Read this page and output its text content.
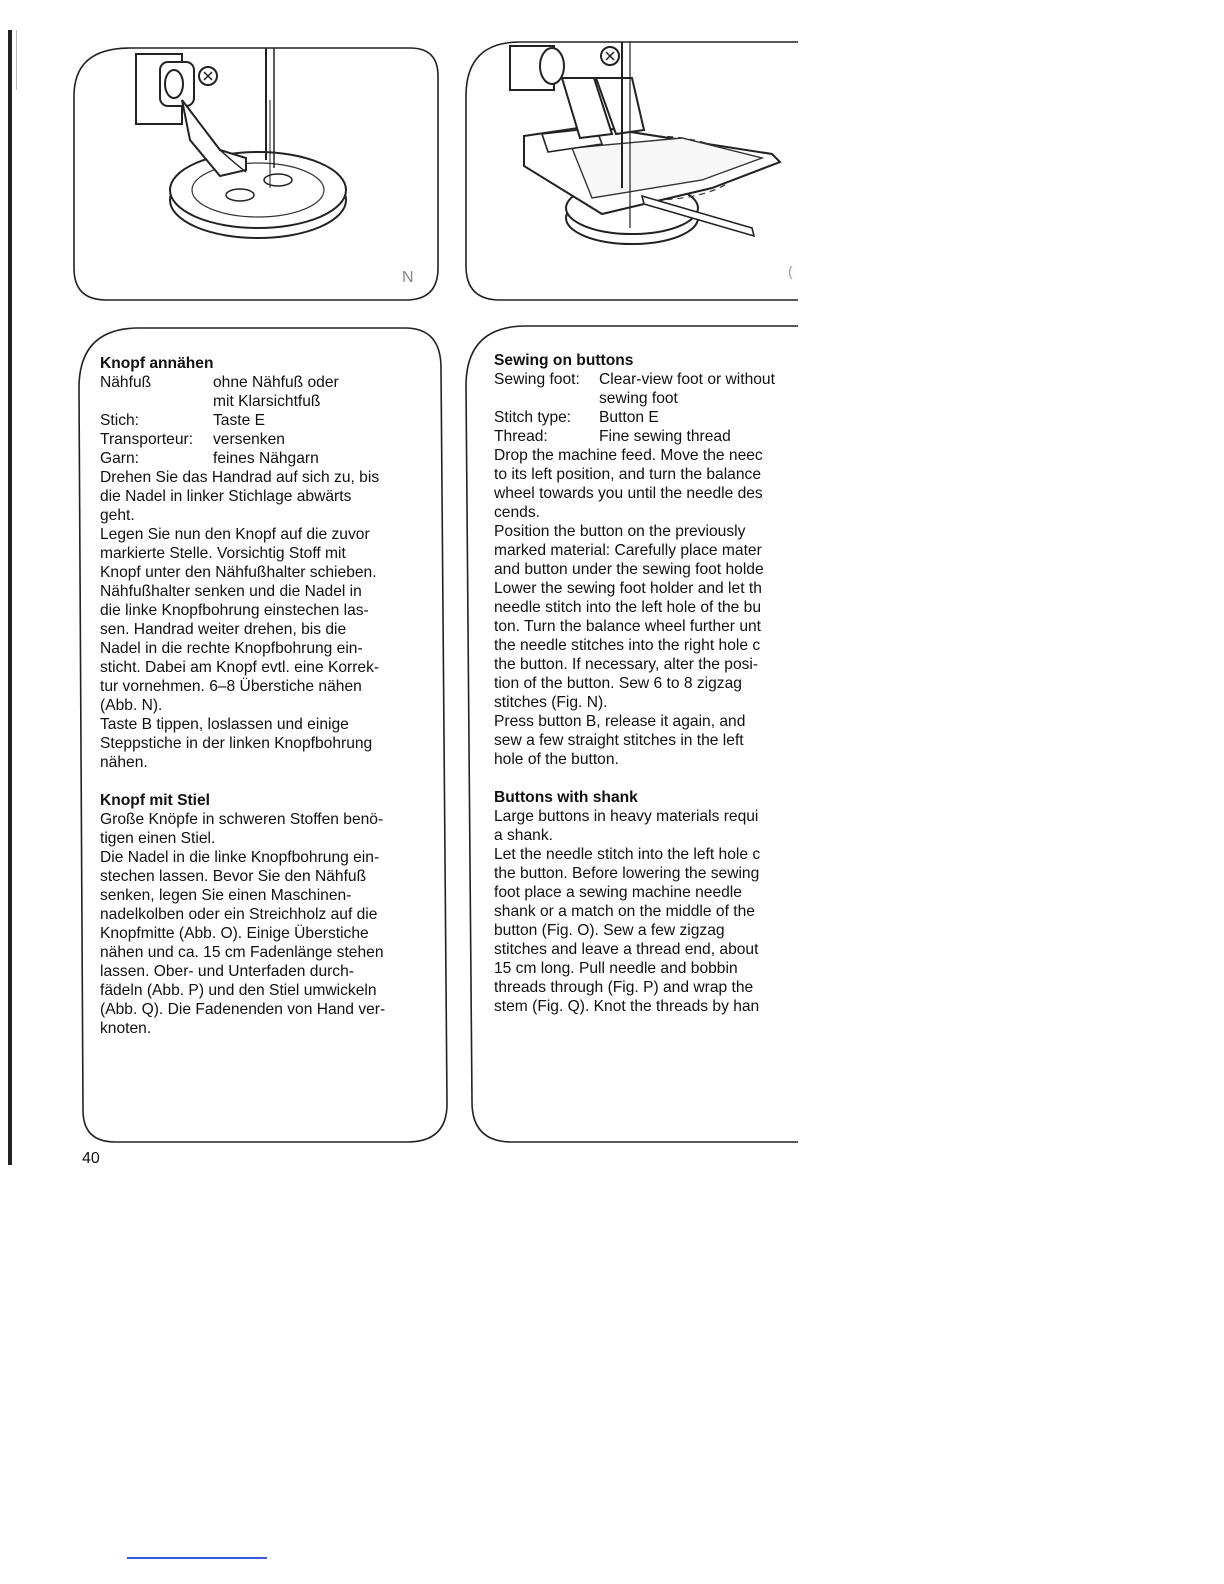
N	(
Knopf annähen
Nähfuß	ohne Nähfuß oder
mit Klarsichtfuß
Stich:	Taste E
Transporteur:	versenken
Garn:	feines Nähgarn

Drehen Sie das Handrad auf sich zu, bis

die Nadel in linker Stichlage abwärts

geht.

Legen Sie nun den Knopf auf die zuvor

markierte Stelle. Vorsichtig Stoff mit

Knopf unter den Nähfußhalter schieben.

Nähfußhalter senken und die Nadel in

die linke Knopfbohrung einstechen las-

sen. Handrad weiter drehen, bis die

Nadel in die rechte Knopfbohrung ein-

sticht. Dabei am Knopf evtl. eine Korrek-

tur vornehmen. 6–8 Überstiche nähen

(Abb. N).

Taste B tippen, loslassen und einige

Steppstiche in der linken Knopfbohrung

nähen.

Knopf mit Stiel

Große Knöpfe in schweren Stoffen benö-

tigen einen Stiel.

Die Nadel in die linke Knopfbohrung ein-

stechen lassen. Bevor Sie den Nähfuß

senken, legen Sie einen Maschinen-

nadelkolben oder ein Streichholz auf die

Knopfmitte (Abb. O). Einige Überstiche

nähen und ca. 15 cm Fadenlänge stehen

lassen. Ober- und Unterfaden durch-

fädeln (Abb. P) und den Stiel umwickeln

(Abb. Q). Die Fadenenden von Hand ver-

knoten.

Sewing on buttons
Sewing foot:	Clear-view foot or without
sewing foot
Stitch type:	Button E
Thread:	Fine sewing thread

Drop the machine feed. Move the neec

to its left position, and turn the balance

wheel towards you until the needle des

cends.

Position the button on the previously

marked material: Carefully place mater

and button under the sewing foot holde

Lower the sewing foot holder and let th

needle stitch into the left hole of the bu

ton. Turn the balance wheel further unt

the needle stitches into the right hole c

the button. If necessary, alter the posi-

tion of the button. Sew 6 to 8 zigzag

stitches (Fig. N).

Press button B, release it again, and

sew a few straight stitches in the left

hole of the button.

Buttons with shank

Large buttons in heavy materials requi

a shank.

Let the needle stitch into the left hole c

the button. Before lowering the sewing

foot place a sewing machine needle

shank or a match on the middle of the

button (Fig. O). Sew a few zigzag

stitches and leave a thread end, about

15 cm long. Pull needle and bobbin

threads through (Fig. P) and wrap the

stem (Fig. Q). Knot the threads by han

40
